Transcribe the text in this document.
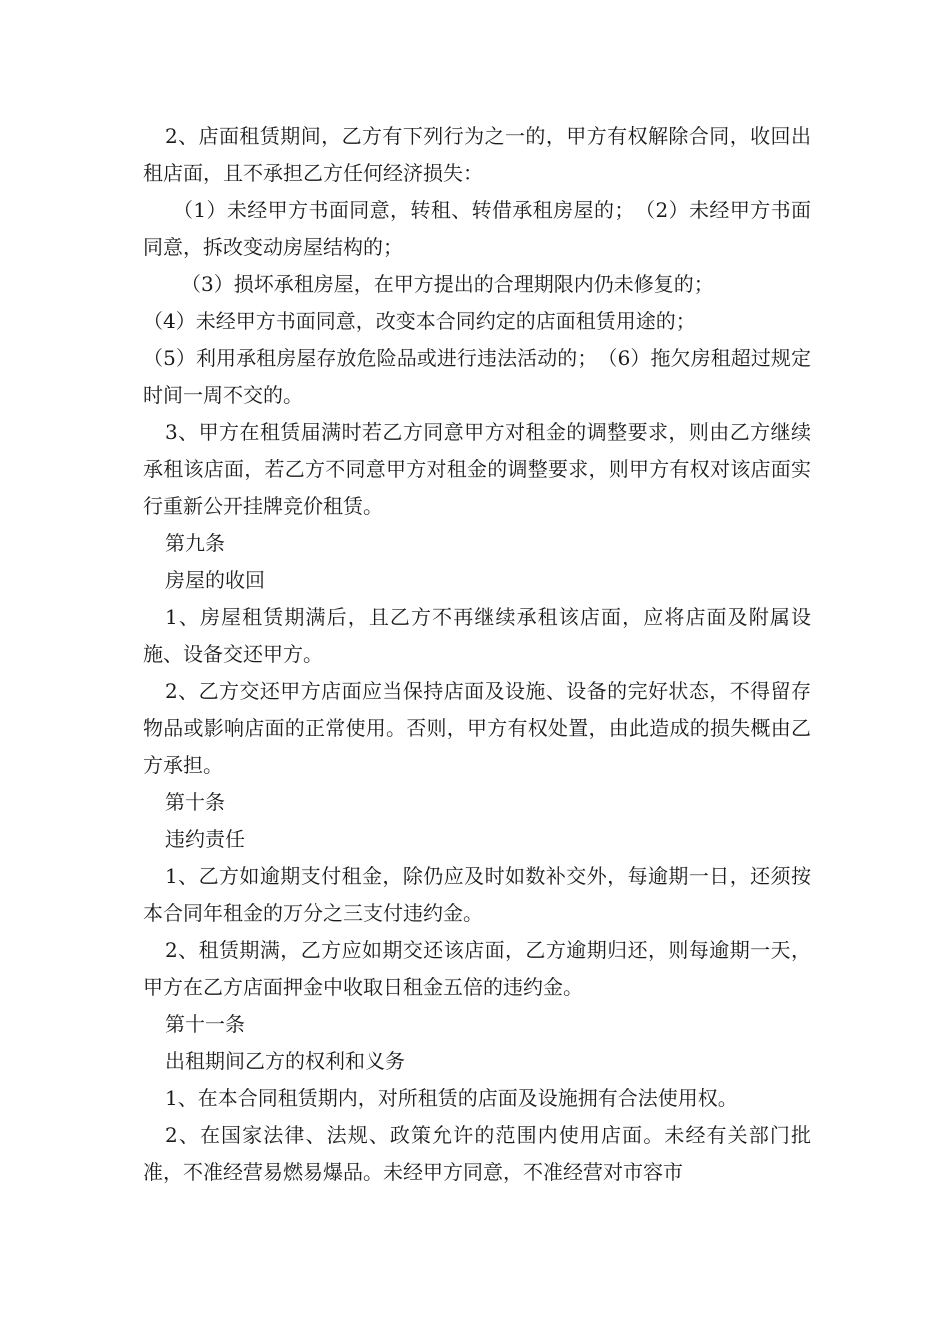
2、店面租赁期间，乙方有下列行为之一的，甲方有权解除合同，收回出租店面，且不承担乙方任何经济损失：

（1）未经甲方书面同意，转租、转借承租房屋的；　（2）未经甲方书面同意，拆改变动房屋结构的；

（3）损坏承租房屋，在甲方提出的合理期限内仍未修复的；

（4）未经甲方书面同意，改变本合同约定的店面租赁用途的；

（5）利用承租房屋存放危险品或进行违法活动的；　（6）拖欠房租超过规定时间一周不交的。

3、甲方在租赁届满时若乙方同意甲方对租金的调整要求，则由乙方继续承租该店面，若乙方不同意甲方对租金的调整要求，则甲方有权对该店面实行重新公开挂牌竞价租赁。

第九条

房屋的收回

1、房屋租赁期满后，且乙方不再继续承租该店面，应将店面及附属设施、设备交还甲方。

2、乙方交还甲方店面应当保持店面及设施、设备的完好状态，不得留存物品或影响店面的正常使用。否则，甲方有权处置，由此造成的损失概由乙方承担。

第十条

违约责任

1、乙方如逾期支付租金，除仍应及时如数补交外，每逾期一日，还须按本合同年租金的万分之三支付违约金。

2、租赁期满，乙方应如期交还该店面，乙方逾期归还，则每逾期一天，甲方在乙方店面押金中收取日租金五倍的违约金。

第十一条

出租期间乙方的权利和义务

1、在本合同租赁期内，对所租赁的店面及设施拥有合法使用权。

2、在国家法律、法规、政策允许的范围内使用店面。未经有关部门批准，不准经营易燃易爆品。未经甲方同意，不准经营对市容市
